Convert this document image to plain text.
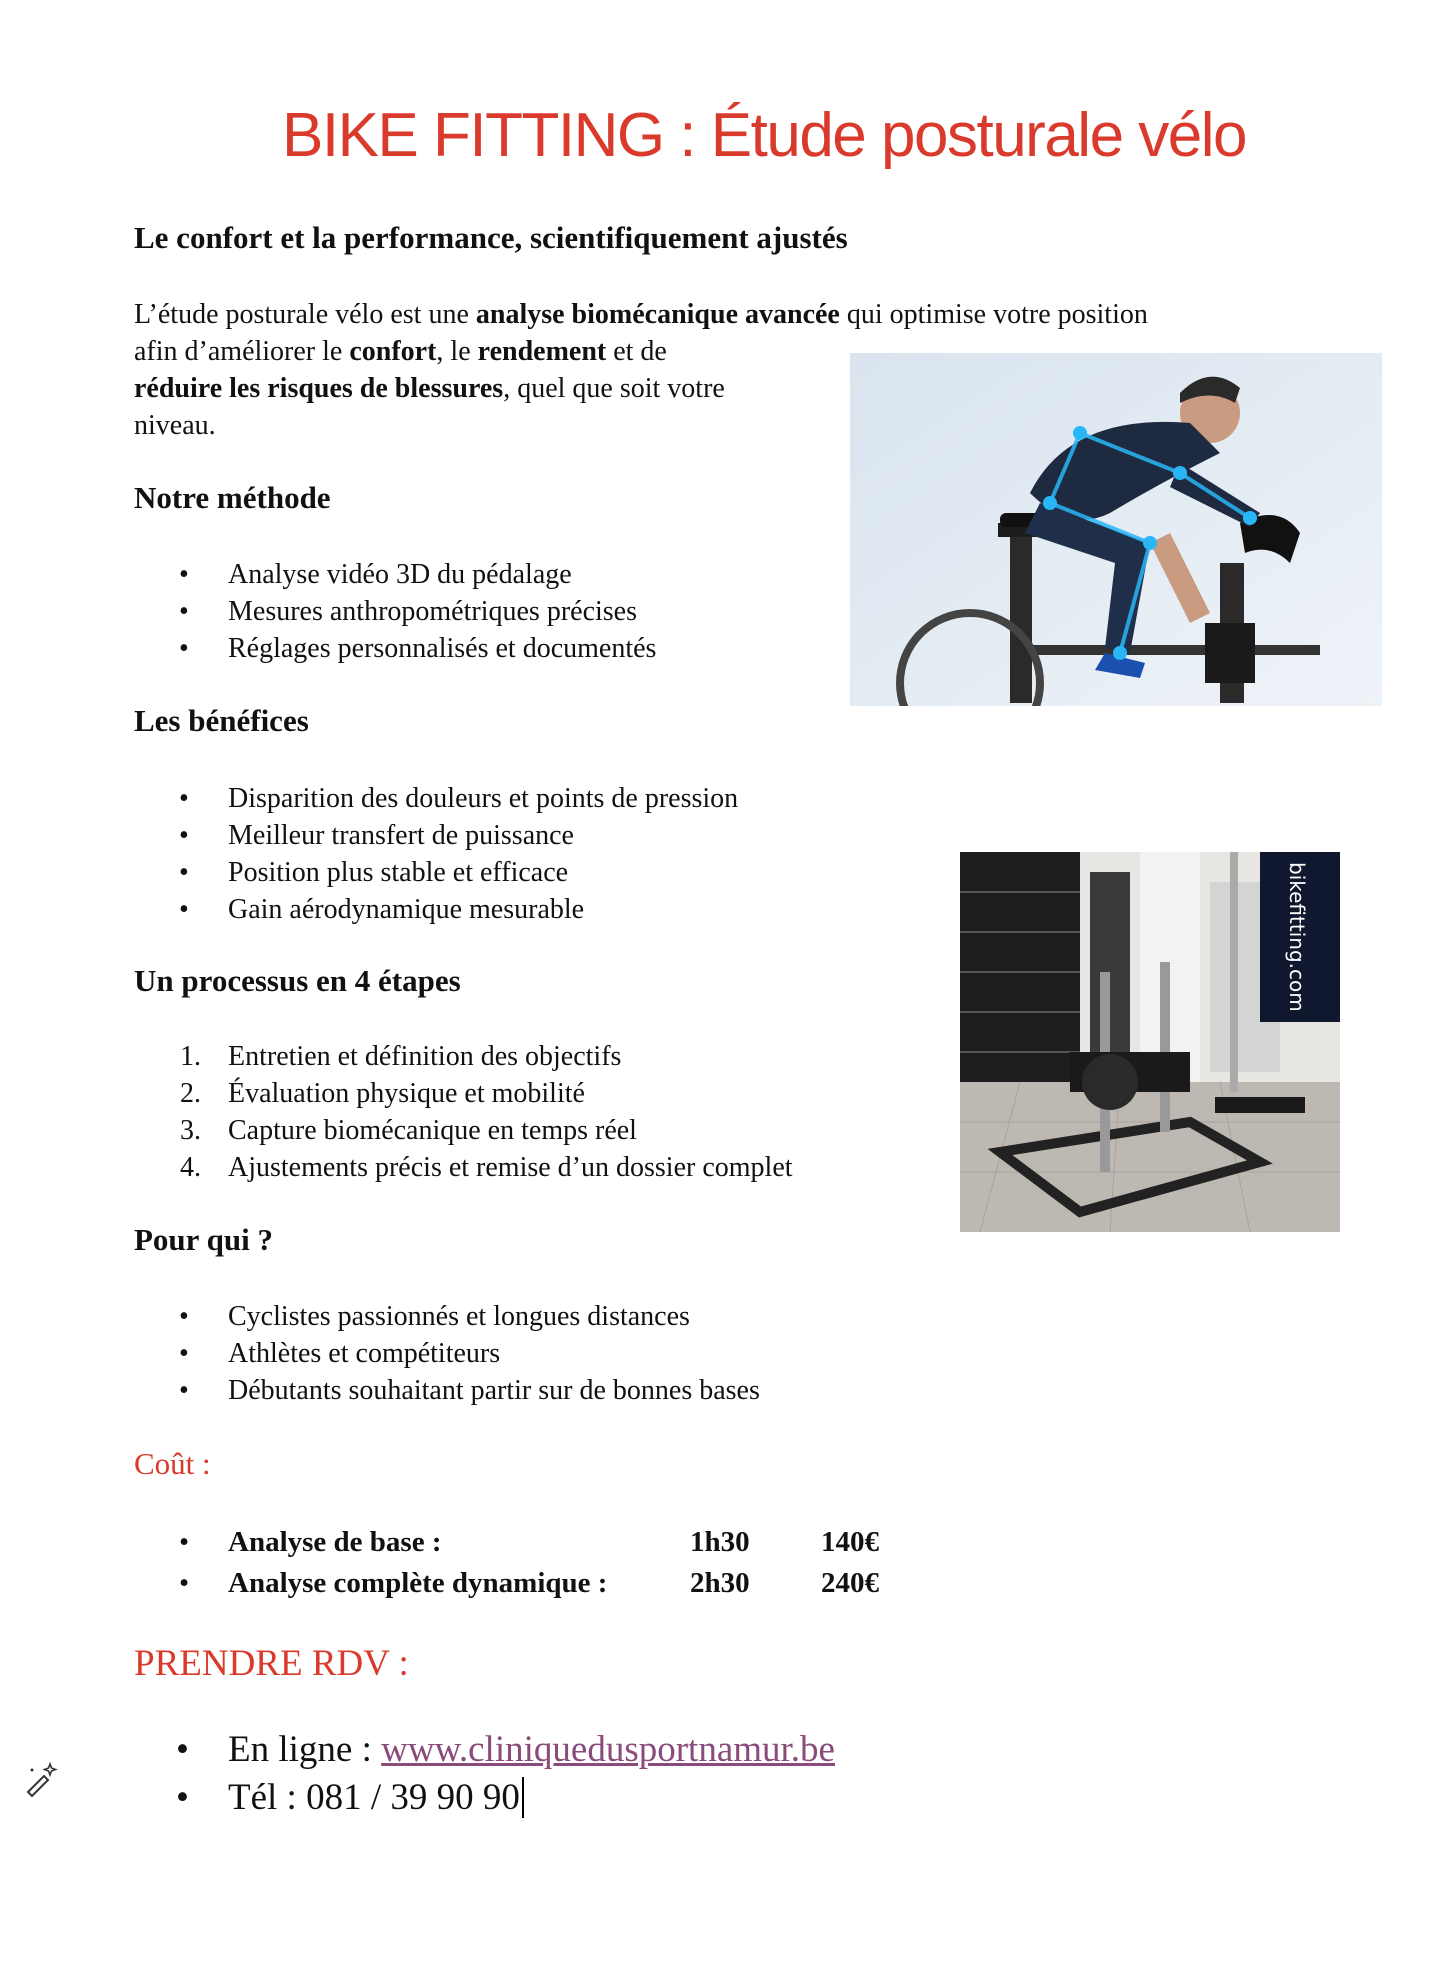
BIKE FITTING : Étude posturale vélo
Le confort et la performance, scientifiquement ajustés
L’étude posturale vélo est une analyse biomécanique avancée qui optimise votre position
afin d’améliorer le confort, le rendement et de
réduire les risques de blessures, quel que soit votre
niveau.
Notre méthode
• Analyse vidéo 3D du pédalage
• Mesures anthropométriques précises
• Réglages personnalisés et documentés
Les bénéfices
• Disparition des douleurs et points de pression
• Meilleur transfert de puissance
• Position plus stable et efficace
• Gain aérodynamique mesurable	bikefitting.com
Un processus en 4 étapes
1. Entretien et définition des objectifs
2. Évaluation physique et mobilité
3. Capture biomécanique en temps réel
4. Ajustements précis et remise d’un dossier complet
Pour qui ?
• Cyclistes passionnés et longues distances
• Athlètes et compétiteurs
• Débutants souhaitant partir sur de bonnes bases
Coût :
• Analyse de base :	1h30 140€
• Analyse complète dynamique :	2h30 240€
PRENDRE RDV :
• En ligne : www.cliniquedusportnamur.be
• Tél : 081 / 39 90 90
